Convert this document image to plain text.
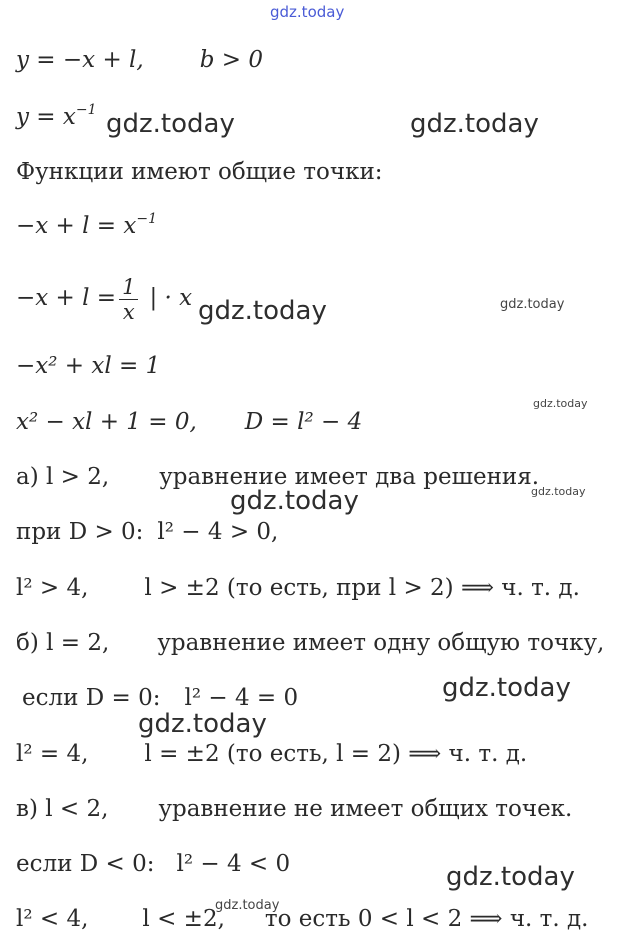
gdz.today
gdz.today	gdz.today
gdz.today	gdz.today
gdz.today
gdz.today	gdz.today
gdz.today
gdz.today
gdz.today
gdz.today
y = −x + l, b > 0
$y = x^{-1}$
Функции имеют общие точки:
$-x + l = x^{-1}$
$-x + l = \frac{1}{x}$ | · x
−x² + xl = 1
x² − xl + 1 = 0, D = l² − 4
а) l > 2, уравнение имеет два решения.
при D > 0: l² − 4 > 0,
l² > 4, l > ±2 (то есть, при l > 2) ⟹ ч. т. д.
б) l = 2, уравнение имеет одну общую точку,
если D = 0: l² − 4 = 0
l² = 4, l = ±2 (то есть, l = 2) ⟹ ч. т. д.
в) l < 2, уравнение не имеет общих точек.
если D < 0: l² − 4 < 0
l² < 4, l < ±2, то есть 0 < l < 2 ⟹ ч. т. д.
